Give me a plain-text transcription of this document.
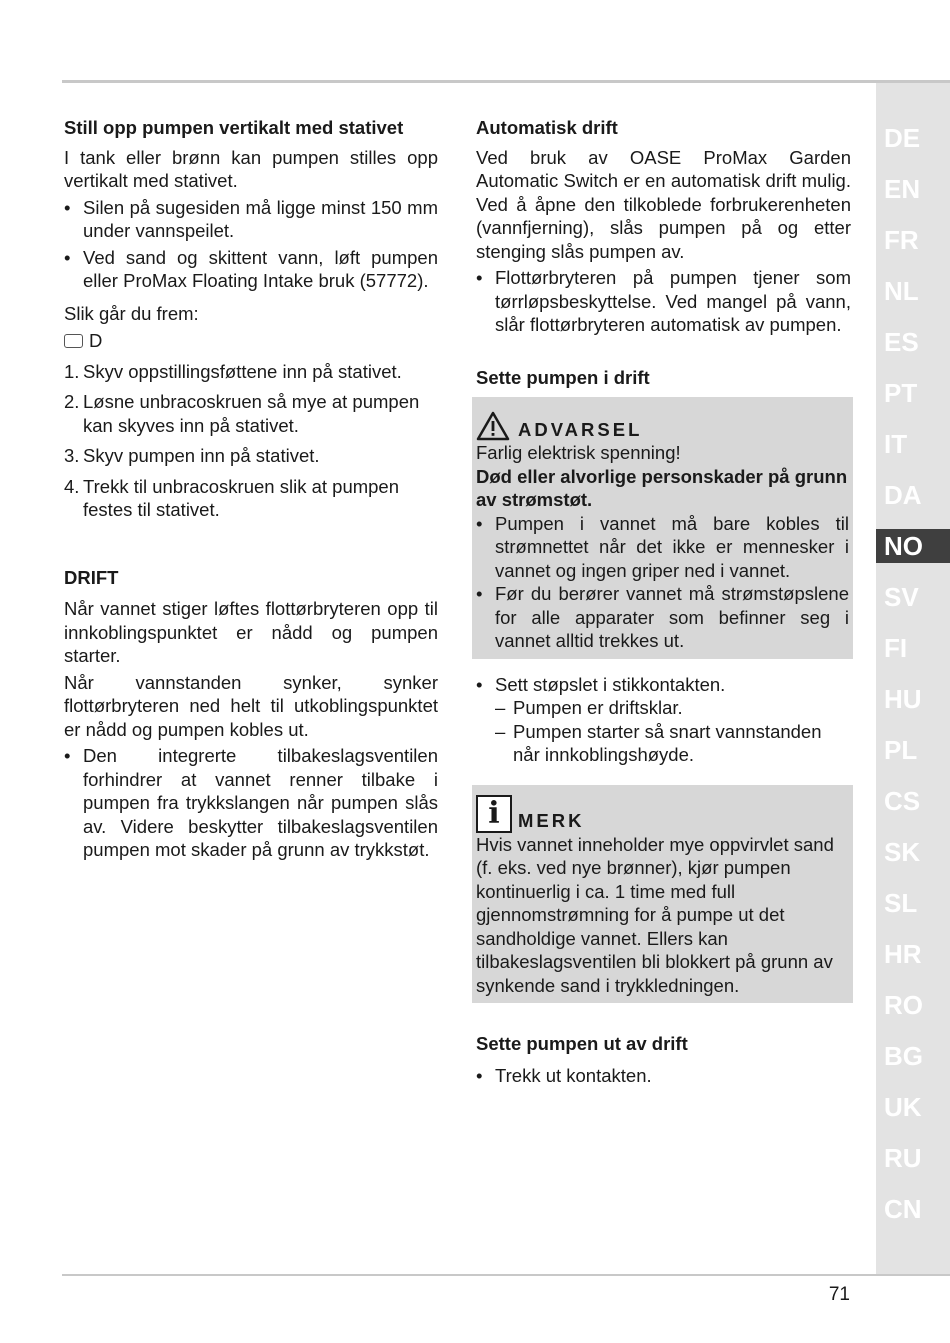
DE
EN
FR
NL
ES
PT
IT
DA
NO
SV
FI
HU
PL
CS
SK
SL
HR
RO
BG
UK
RU
CN

Still opp pumpen vertikalt med stativet

I tank eller brønn kan pumpen stilles opp vertikalt med stativet.

• Silen på sugesiden må ligge minst 150 mm under vannspeilet.
• Ved sand og skittent vann, løft pumpen eller ProMax Floating Intake bruk (57772).

Slik går du frem:

D

1. Skyv oppstillingsføttene inn på stativet.
2. Løsne unbracoskruen så mye at pumpen kan skyves inn på stativet.
3. Skyv pumpen inn på stativet.
4. Trekk til unbracoskruen slik at pumpen festes til stativet.

DRIFT

Når vannet stiger løftes flottørbryteren opp til innkoblingspunktet er nådd og pumpen starter.

Når vannstanden synker, synker flottørbryteren ned helt til utkoblingspunktet er nådd og pumpen kobles ut.

• Den integrerte tilbakeslagsventilen forhindrer at vannet renner tilbake i pumpen fra trykkslangen når pumpen slås av. Videre beskytter tilbakeslagsventilen pumpen mot skader på grunn av trykkstøt.

Automatisk drift

Ved bruk av OASE ProMax Garden Automatic Switch er en automatisk drift mulig. Ved å åpne den tilkoblede forbrukerenheten (vannfjerning), slås pumpen på og etter stenging slås pumpen av.

• Flottørbryteren på pumpen tjener som tørrløpsbeskyttelse. Ved mangel på vann, slår flottørbryteren automatisk av pumpen.

Sette pumpen i drift

ADVARSEL

Farlig elektrisk spenning!

Død eller alvorlige personskader på grunn av strømstøt.

• Pumpen i vannet må bare kobles til strømnettet når det ikke er mennesker i vannet og ingen griper ned i vannet.
• Før du berører vannet må strømstøpslene for alle apparater som befinner seg i vannet alltid trekkes ut.
• Sett støpslet i stikkontakten.
– Pumpen er driftsklar.
– Pumpen starter så snart vannstanden når innkoblingshøyde.
i MERK

Hvis vannet inneholder mye oppvirvlet sand (f. eks. ved nye brønner), kjør pumpen kontinuerlig i ca. 1 time med full gjennomstrømning for å pumpe ut det sandholdige vannet. Ellers kan tilbakeslagsventilen bli blokkert på grunn av synkende sand i trykkledningen.

Sette pumpen ut av drift

• Trekk ut kontakten.
71
